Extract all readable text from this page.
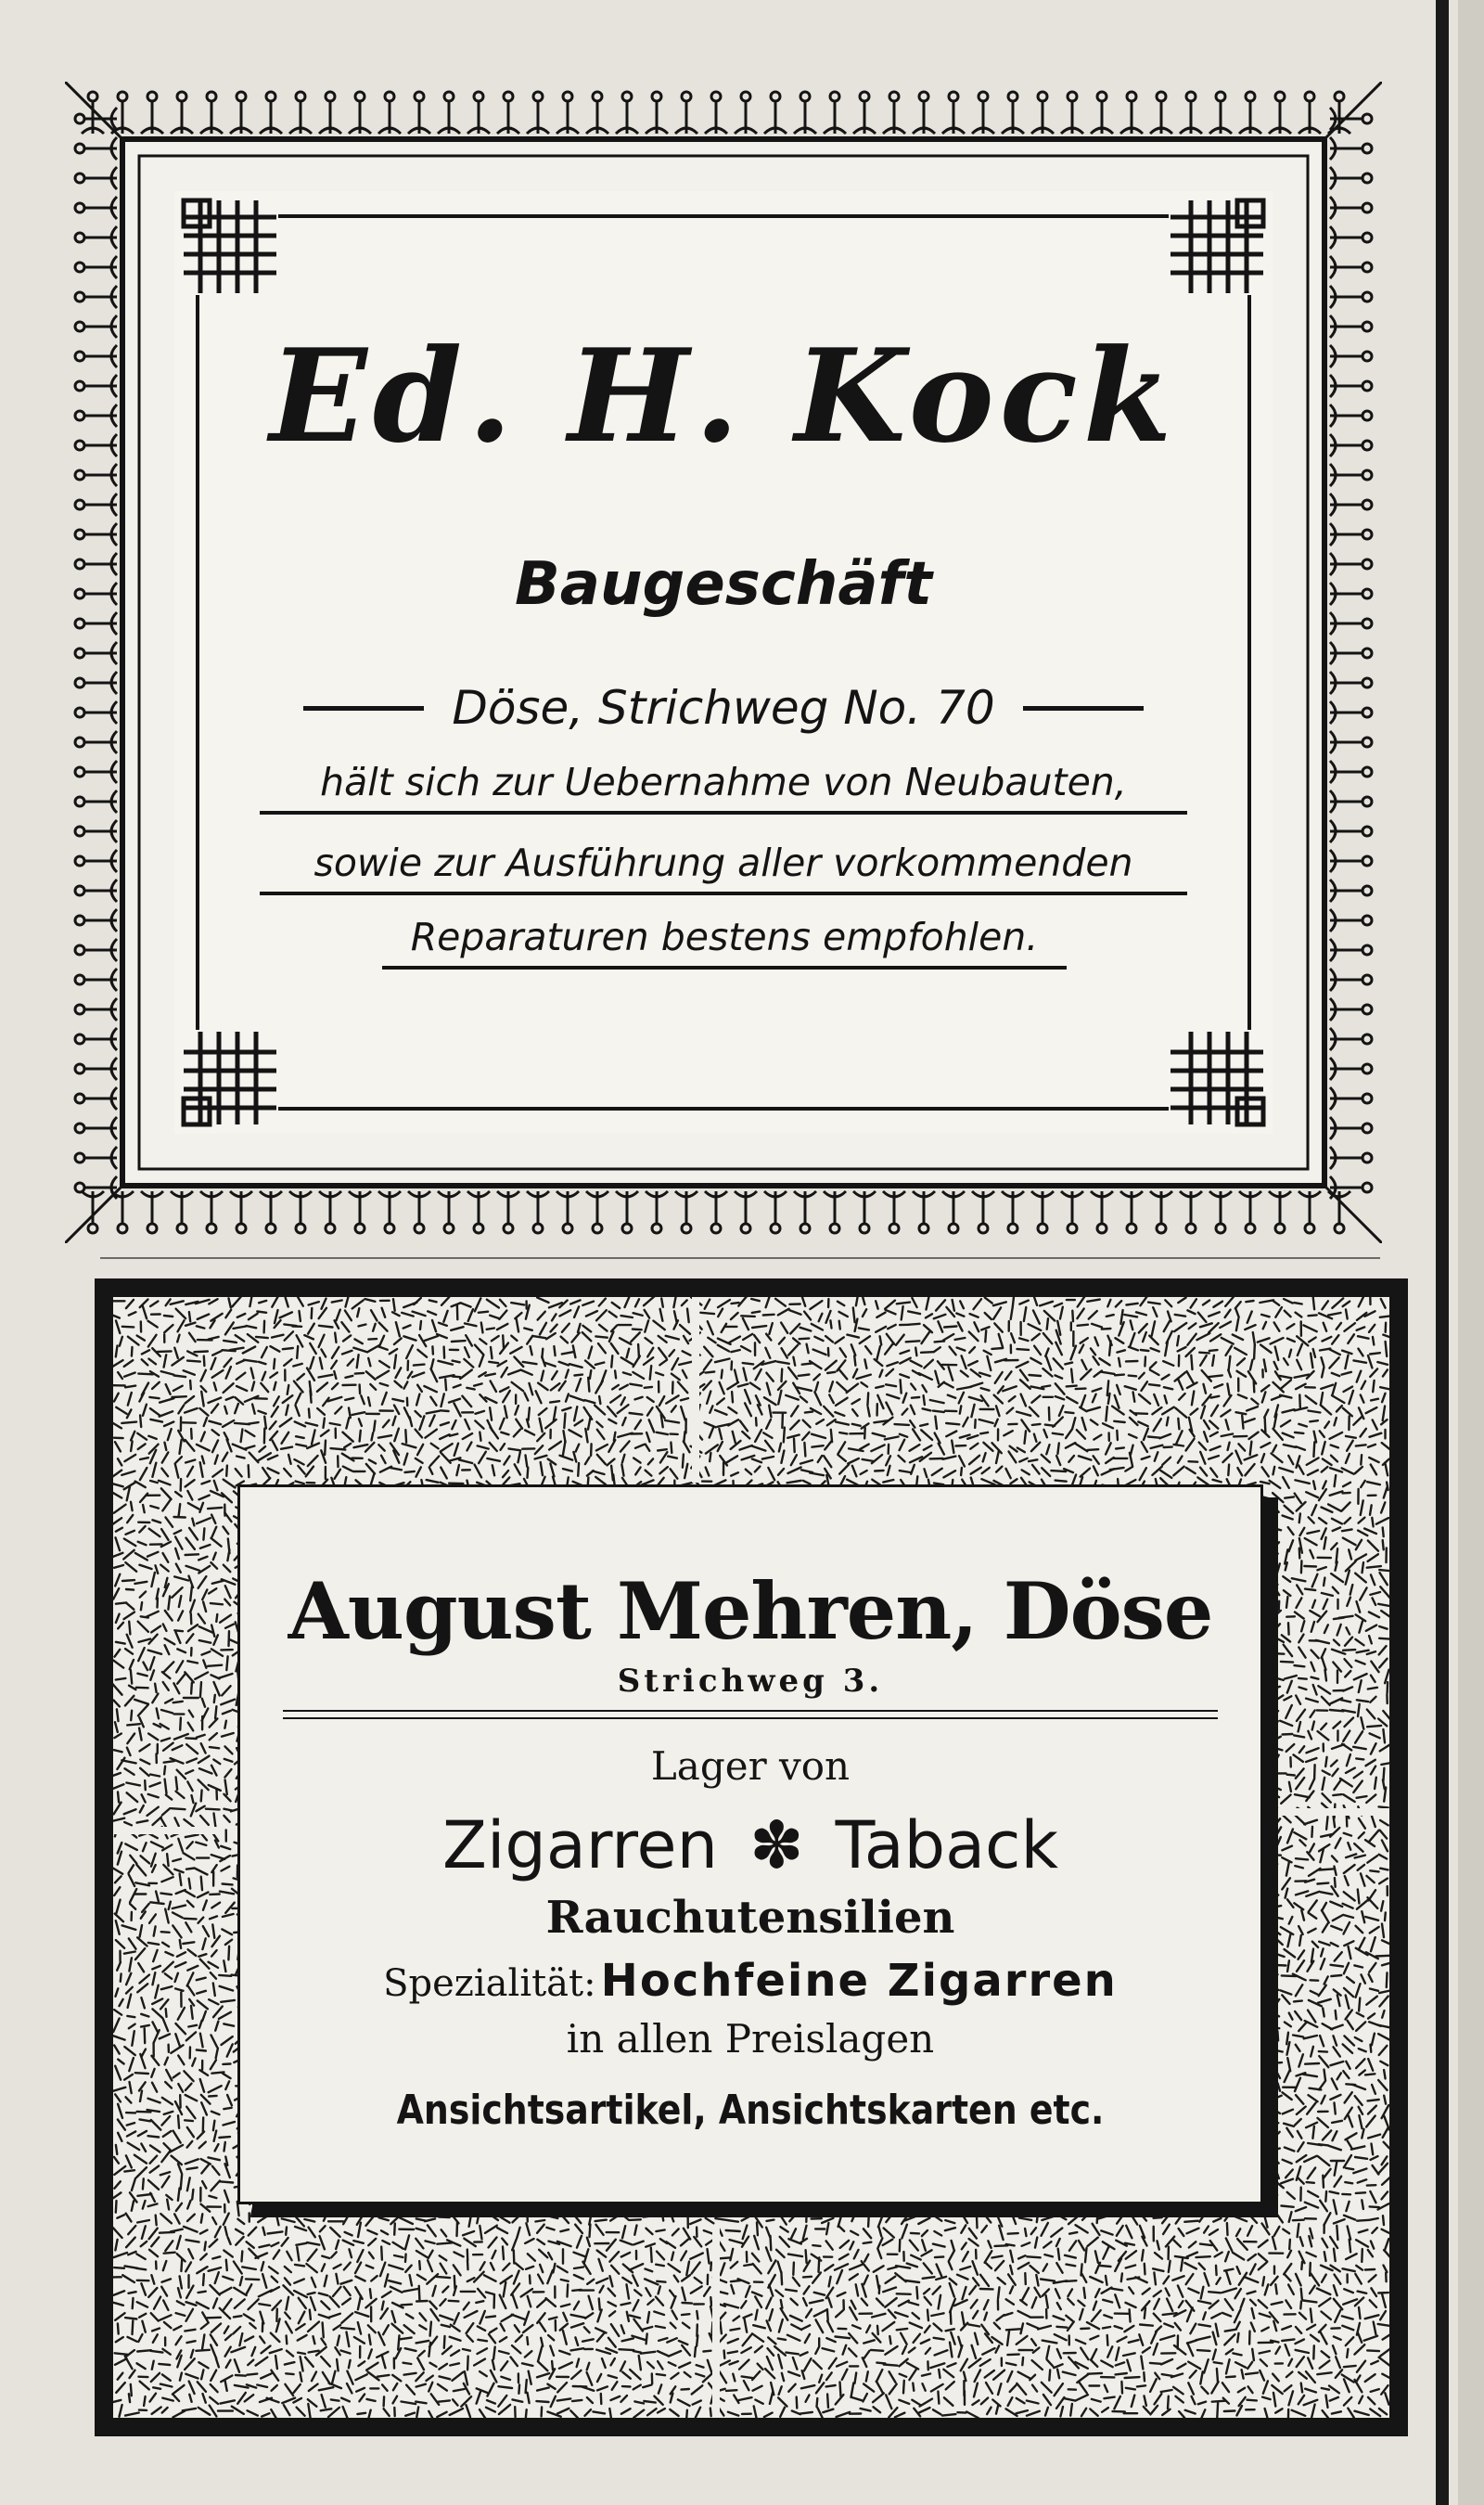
Ed. H. Kock
Baugeschäft
Döse, Strichweg No. 70
hält sich zur Uebernahme von Neubauten,
sowie zur Ausführung aller vorkommenden
Reparaturen bestens empfohlen.
August Mehren, Döse
Strichweg 3.
Lager von
Zigarren ✽ Taback
Rauchutensilien
Spezialität: Hochfeine Zigarren
in allen Preislagen
Ansichtsartikel, Ansichtskarten etc.
